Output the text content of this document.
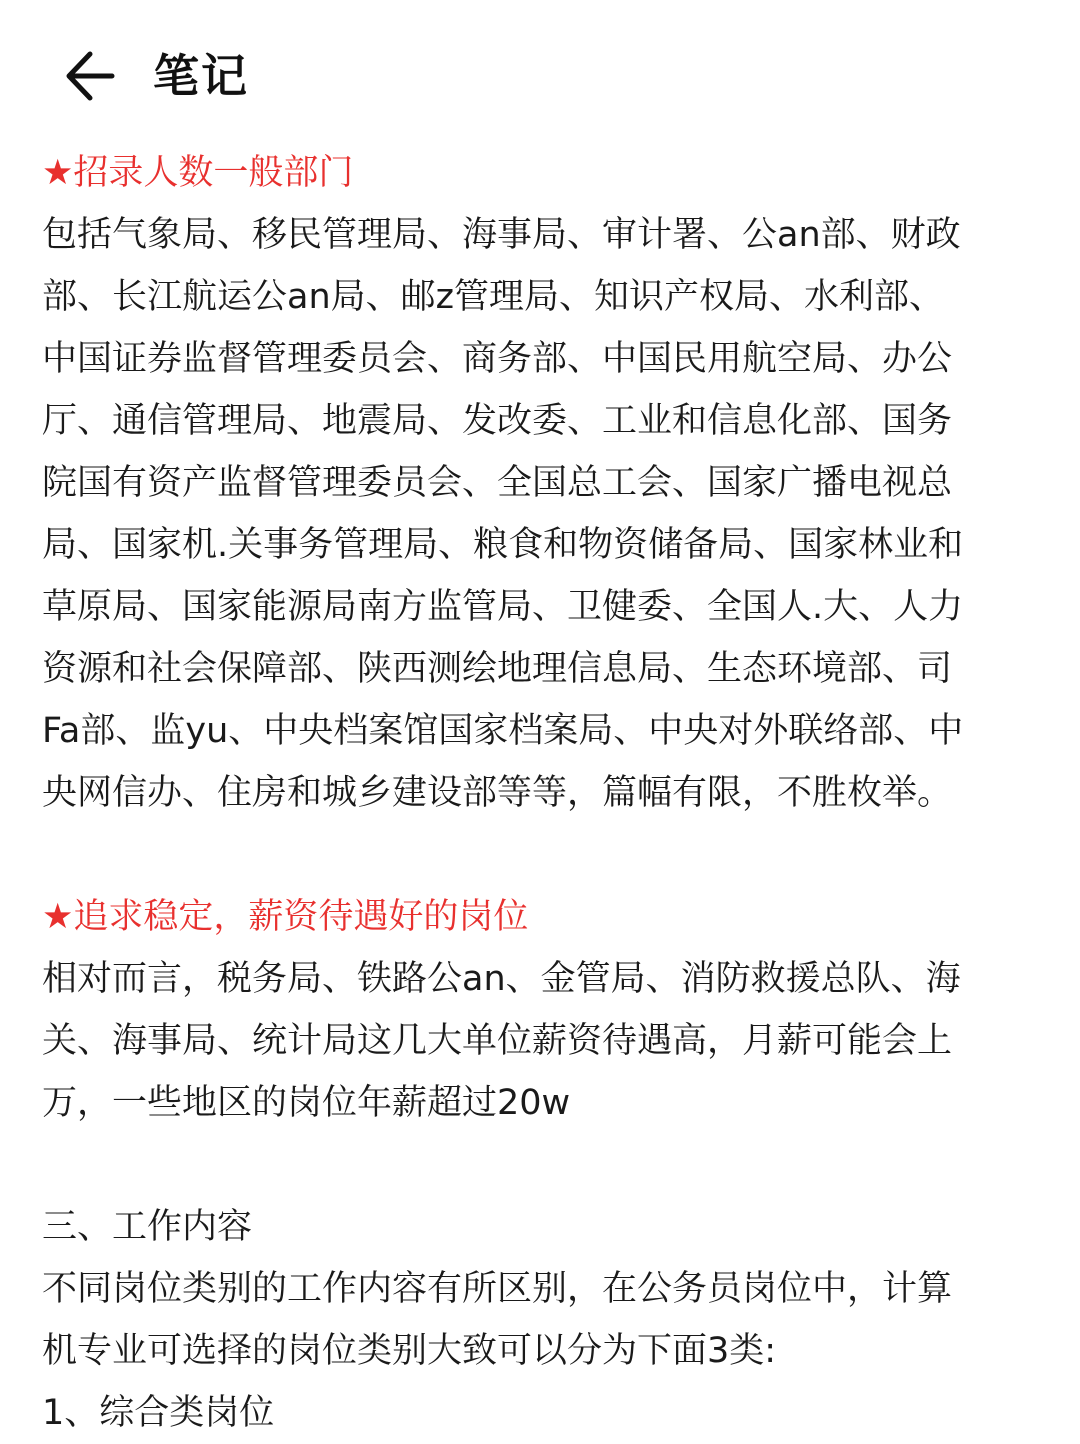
笔记
★招录人数一般部门
包括气象局、移民管理局、海事局、审计署、公an部、财政
部、长江航运公an局、邮z管理局、知识产权局、水利部、
中国证券监督管理委员会、商务部、中国民用航空局、办公
厅、通信管理局、地震局、发改委、工业和信息化部、国务
院国有资产监督管理委员会、全国总工会、国家广播电视总
局、国家机.关事务管理局、粮食和物资储备局、国家林业和
草原局、国家能源局南方监管局、卫健委、全国人.大、人力
资源和社会保障部、陕西测绘地理信息局、生态环境部、司
Fa部、监yu、中央档案馆国家档案局、中央对外联络部、中
央网信办、住房和城乡建设部等等，篇幅有限，不胜枚举。
★追求稳定，薪资待遇好的岗位
相对而言，税务局、铁路公an、金管局、消防救援总队、海
关、海事局、统计局这几大单位薪资待遇高，月薪可能会上
万，一些地区的岗位年薪超过20w
三、工作内容
不同岗位类别的工作内容有所区别，在公务员岗位中，计算
机专业可选择的岗位类别大致可以分为下面3类:
1、综合类岗位
